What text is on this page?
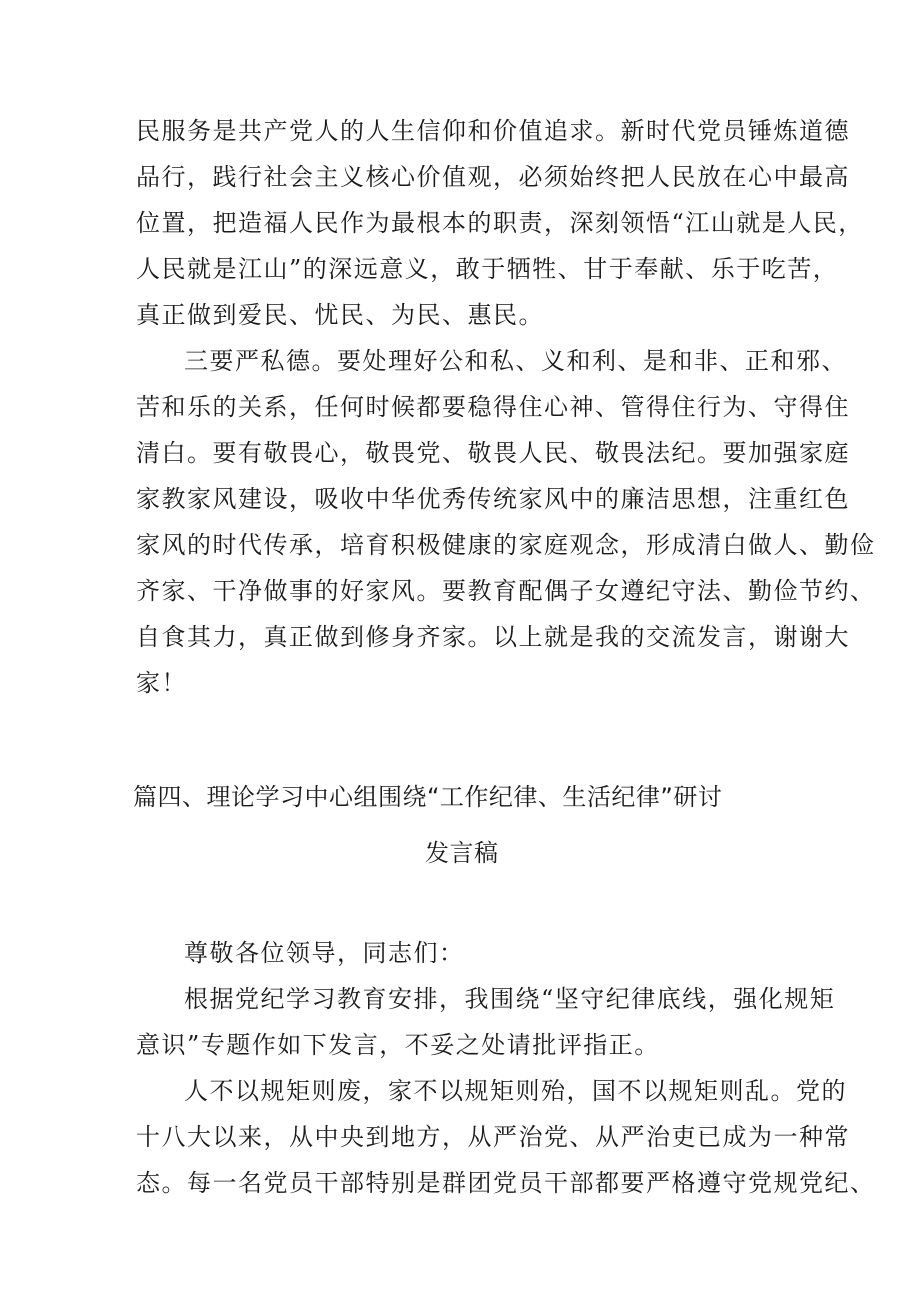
民服务是共产党人的人生信仰和价值追求。新时代党员锤炼道德
品行，践行社会主义核心价值观，必须始终把人民放在心中最高
位置，把造福人民作为最根本的职责，深刻领悟“江山就是人民，
人民就是江山”的深远意义，敢于牺牲、甘于奉献、乐于吃苦，
真正做到爱民、忧民、为民、惠民。
三要严私德。要处理好公和私、义和利、是和非、正和邪、
苦和乐的关系，任何时候都要稳得住心神、管得住行为、守得住
清白。要有敬畏心，敬畏党、敬畏人民、敬畏法纪。要加强家庭
家教家风建设，吸收中华优秀传统家风中的廉洁思想，注重红色
家风的时代传承，培育积极健康的家庭观念，形成清白做人、勤俭
齐家、干净做事的好家风。要教育配偶子女遵纪守法、勤俭节约、
自食其力，真正做到修身齐家。以上就是我的交流发言，谢谢大
家！
篇四、理论学习中心组围绕“工作纪律、生活纪律”研讨
发言稿
尊敬各位领导，同志们：
根据党纪学习教育安排，我围绕“坚守纪律底线，强化规矩
意识”专题作如下发言，不妥之处请批评指正。
人不以规矩则废，家不以规矩则殆，国不以规矩则乱。党的
十八大以来，从中央到地方，从严治党、从严治吏已成为一种常
态。每一名党员干部特别是群团党员干部都要严格遵守党规党纪、
